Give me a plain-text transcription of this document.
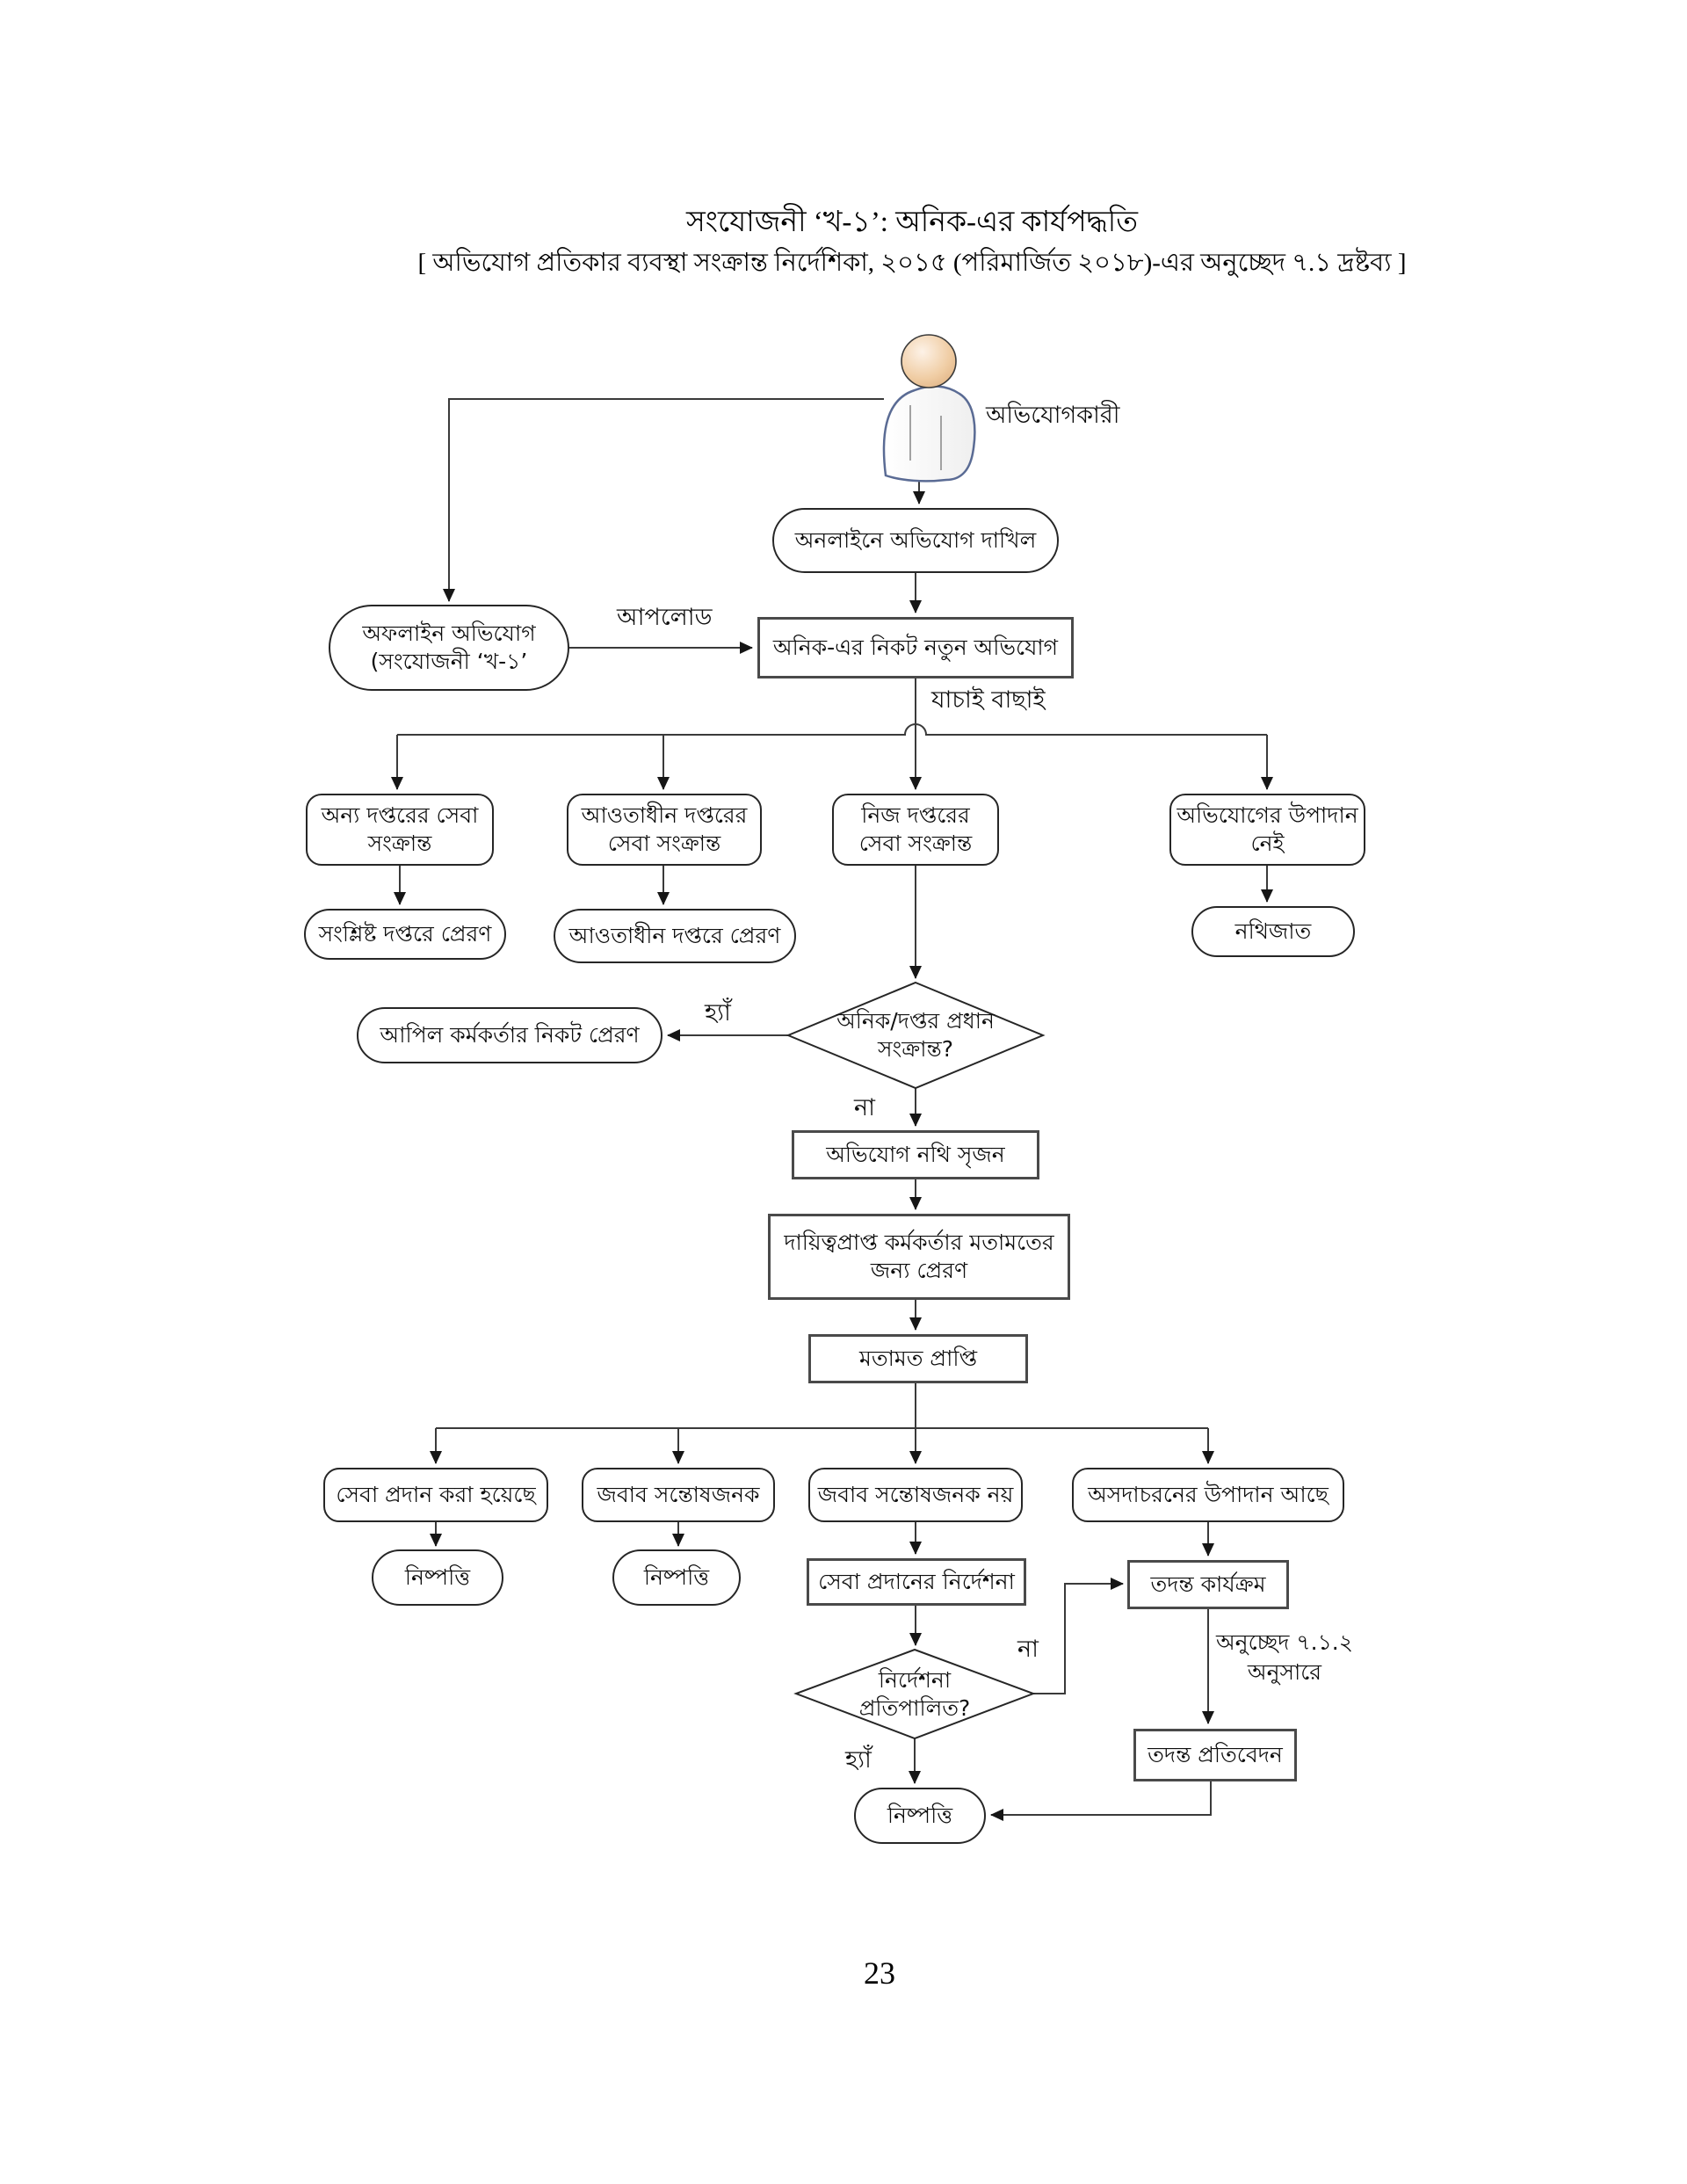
সংযোজনী ‘খ-১’: অনিক-এর কার্যপদ্ধতি
[ অভিযোগ প্রতিকার ব্যবস্থা সংক্রান্ত নির্দেশিকা, ২০১৫ (পরিমার্জিত ২০১৮)-এর অনুচ্ছেদ ৭.১ দ্রষ্টব্য ]
অনলাইনে অভিযোগ দাখিল
অফলাইন অভিযোগ
(সংযোজনী ‘খ-১’
অনিক-এর নিকট নতুন অভিযোগ
অন্য দপ্তরের সেবা
সংক্রান্ত
আওতাধীন দপ্তরের
সেবা সংক্রান্ত
নিজ দপ্তরের
সেবা সংক্রান্ত
অভিযোগের উপাদান
নেই
সংশ্লিষ্ট দপ্তরে প্রেরণ	আওতাধীন দপ্তরে প্রেরণ	নথিজাত
অনিক/দপ্তর প্রধান
সংক্রান্ত?
আপিল কর্মকর্তার নিকট প্রেরণ
অভিযোগ নথি সৃজন
দায়িত্বপ্রাপ্ত কর্মকর্তার মতামতের
জন্য প্রেরণ
মতামত প্রাপ্তি
সেবা প্রদান করা হয়েছে	জবাব সন্তোষজনক	জবাব সন্তোষজনক নয়	অসদাচরনের উপাদান আছে
নিষ্পত্তি	নিষ্পত্তি	সেবা প্রদানের নির্দেশনা	তদন্ত কার্যক্রম
নির্দেশনা
প্রতিপালিত?
তদন্ত প্রতিবেদন
নিষ্পত্তি
অভিযোগকারী
আপলোড
যাচাই বাছাই
হ্যাঁ
না
না
হ্যাঁ
অনুচ্ছেদ ৭.১.২
অনুসারে
23
